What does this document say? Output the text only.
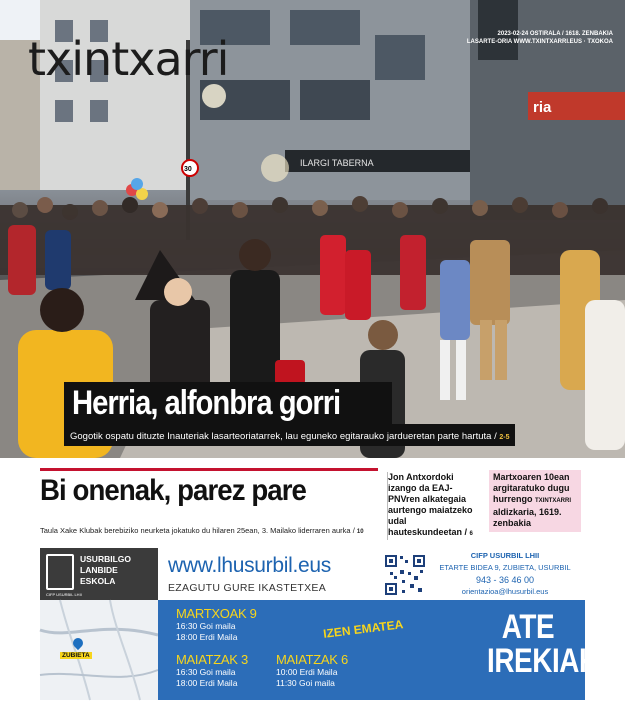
ILARGI TABERNA
ria
30
txintxarri	2023-02-24 OSTIRALA / 1618. ZENBAKIA
LASARTE-ORIA WWW.TXINTXARRI.EUS · TXOKOA
Herria, alfonbra gorri
Gogotik ospatu dituzte Inauteriak lasarteoriatarrek, lau eguneko egitarauko jardueretan parte hartuta / 2-5
Bi onenak, parez pare
Taula Xake Klubak berebiziko neurketa jokatuko du hilaren 25ean, 3. Mailako liderraren aurka / 10
Jon Antxordoki izango da EAJ-PNVren alkategaia aurtengo maiatzeko udal hauteskundeetan / 6
Martxoaren 10ean argitaratuko dugu hurrengo TXINTXARRI aldizkaria, 1619. zenbakia
USURBILGO
LANBIDE
ESKOLA
CIFP USURBIL LHII
ZUBIETA
www.lhusurbil.eus
EZAGUTU GURE IKASTETXEA
CIFP USURBIL LHII
ETARTE BIDEA 9, ZUBIETA, USURBIL
943 - 36 46 00
orientazioa@lhusurbil.eus
MARTXOAK 9
16:30 Goi maila
18:00 Erdi Maila
MAIATZAK 3
16:30 Goi maila
18:00 Erdi Maila
MAIATZAK 6
10:00 Erdi Maila
11:30 Goi maila
IZEN EMATEA	ATE
IREKIAK
